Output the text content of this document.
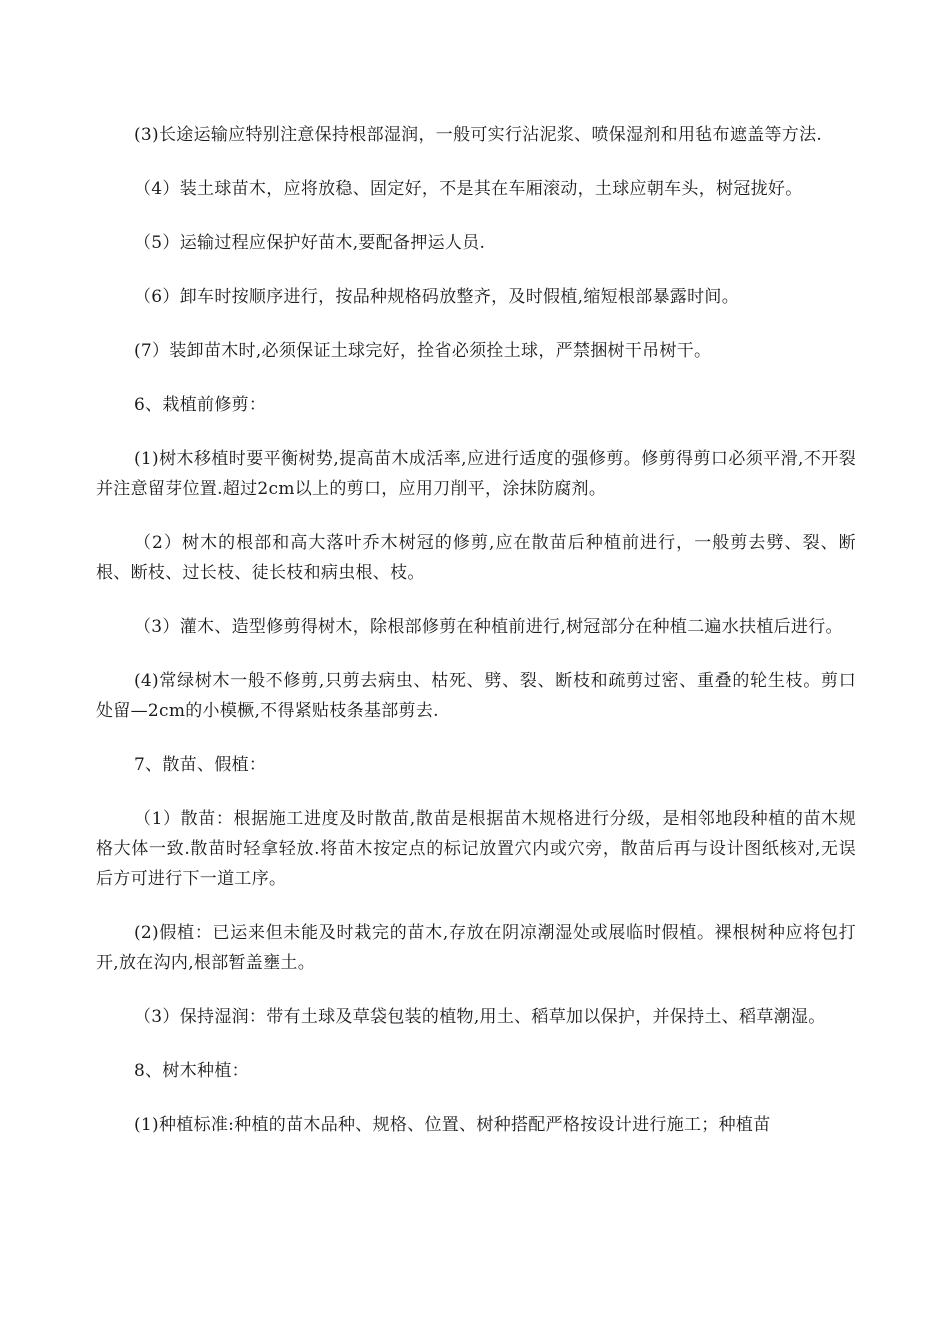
(3)长途运输应特别注意保持根部湿润，一般可实行沾泥浆、喷保湿剂和用毡布遮盖等方法.

（4）装土球苗木，应将放稳、固定好，不是其在车厢滚动，土球应朝车头，树冠拢好。

（5）运输过程应保护好苗木,要配备押运人员.

（6）卸车时按顺序进行，按品种规格码放整齐，及时假植,缩短根部暴露时间。

(7）装卸苗木时,必须保证土球完好，拴省必须拴土球，严禁捆树干吊树干。

6、栽植前修剪：

(1)树木移植时要平衡树势,提高苗木成活率,应进行适度的强修剪。修剪得剪口必须平滑,不开裂并注意留芽位置.超过2cm以上的剪口，应用刀削平，涂抹防腐剂。

（2）树木的根部和高大落叶乔木树冠的修剪,应在散苗后种植前进行，一般剪去劈、裂、断根、断枝、过长枝、徒长枝和病虫根、枝。

（3）灌木、造型修剪得树木，除根部修剪在种植前进行,树冠部分在种植二遍水扶植后进行。

(4)常绿树木一般不修剪,只剪去病虫、枯死、劈、裂、断枝和疏剪过密、重叠的轮生枝。剪口处留—2cm的小模橛,不得紧贴枝条基部剪去.

7、散苗、假植：

（1）散苗：根据施工进度及时散苗,散苗是根据苗木规格进行分级，是相邻地段种植的苗木规格大体一致.散苗时轻拿轻放.将苗木按定点的标记放置穴内或穴旁，散苗后再与设计图纸核对,无误后方可进行下一道工序。

(2)假植：已运来但未能及时栽完的苗木,存放在阴凉潮湿处或展临时假植。裸根树种应将包打开,放在沟内,根部暂盖壅土。

（3）保持湿润：带有土球及草袋包装的植物,用土、稻草加以保护，并保持土、稻草潮湿。

8、树木种植：

(1)种植标准:种植的苗木品种、规格、位置、树种搭配严格按设计进行施工；种植苗
